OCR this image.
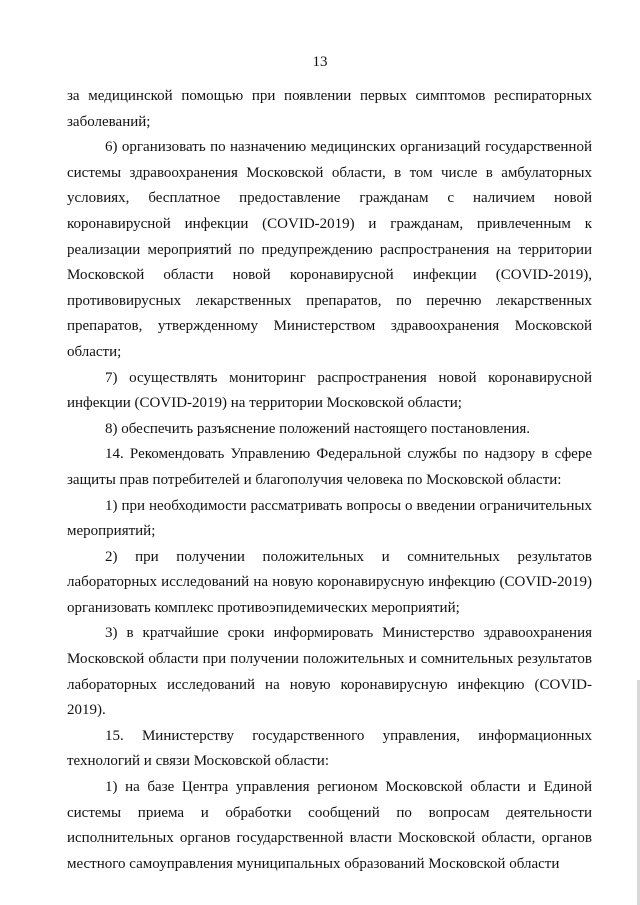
13

за медицинской помощью при появлении первых симптомов респираторных заболеваний;

6) организовать по назначению медицинских организаций государственной системы здравоохранения Московской области, в том числе в амбулаторных условиях, бесплатное предоставление гражданам с наличием новой коронавирусной инфекции (COVID-2019) и гражданам, привлеченным к реализации мероприятий по предупреждению распространения на территории Московской области новой коронавирусной инфекции (COVID-2019), противовирусных лекарственных препаратов, по перечню лекарственных препаратов, утвержденному Министерством здравоохранения Московской области;

7) осуществлять мониторинг распространения новой коронавирусной инфекции (COVID-2019) на территории Московской области;

8) обеспечить разъяснение положений настоящего постановления.

14. Рекомендовать Управлению Федеральной службы по надзору в сфере защиты прав потребителей и благополучия человека по Московской области:

1) при необходимости рассматривать вопросы о введении ограничительных мероприятий;

2) при получении положительных и сомнительных результатов лабораторных исследований на новую коронавирусную инфекцию (COVID-2019) организовать комплекс противоэпидемических мероприятий;

3) в кратчайшие сроки информировать Министерство здравоохранения Московской области при получении положительных и сомнительных результатов лабораторных исследований на новую коронавирусную инфекцию (COVID-2019).

15. Министерству государственного управления, информационных технологий и связи Московской области:

1) на базе Центра управления регионом Московской области и Единой системы приема и обработки сообщений по вопросам деятельности исполнительных органов государственной власти Московской области, органов местного самоуправления муниципальных образований Московской области
